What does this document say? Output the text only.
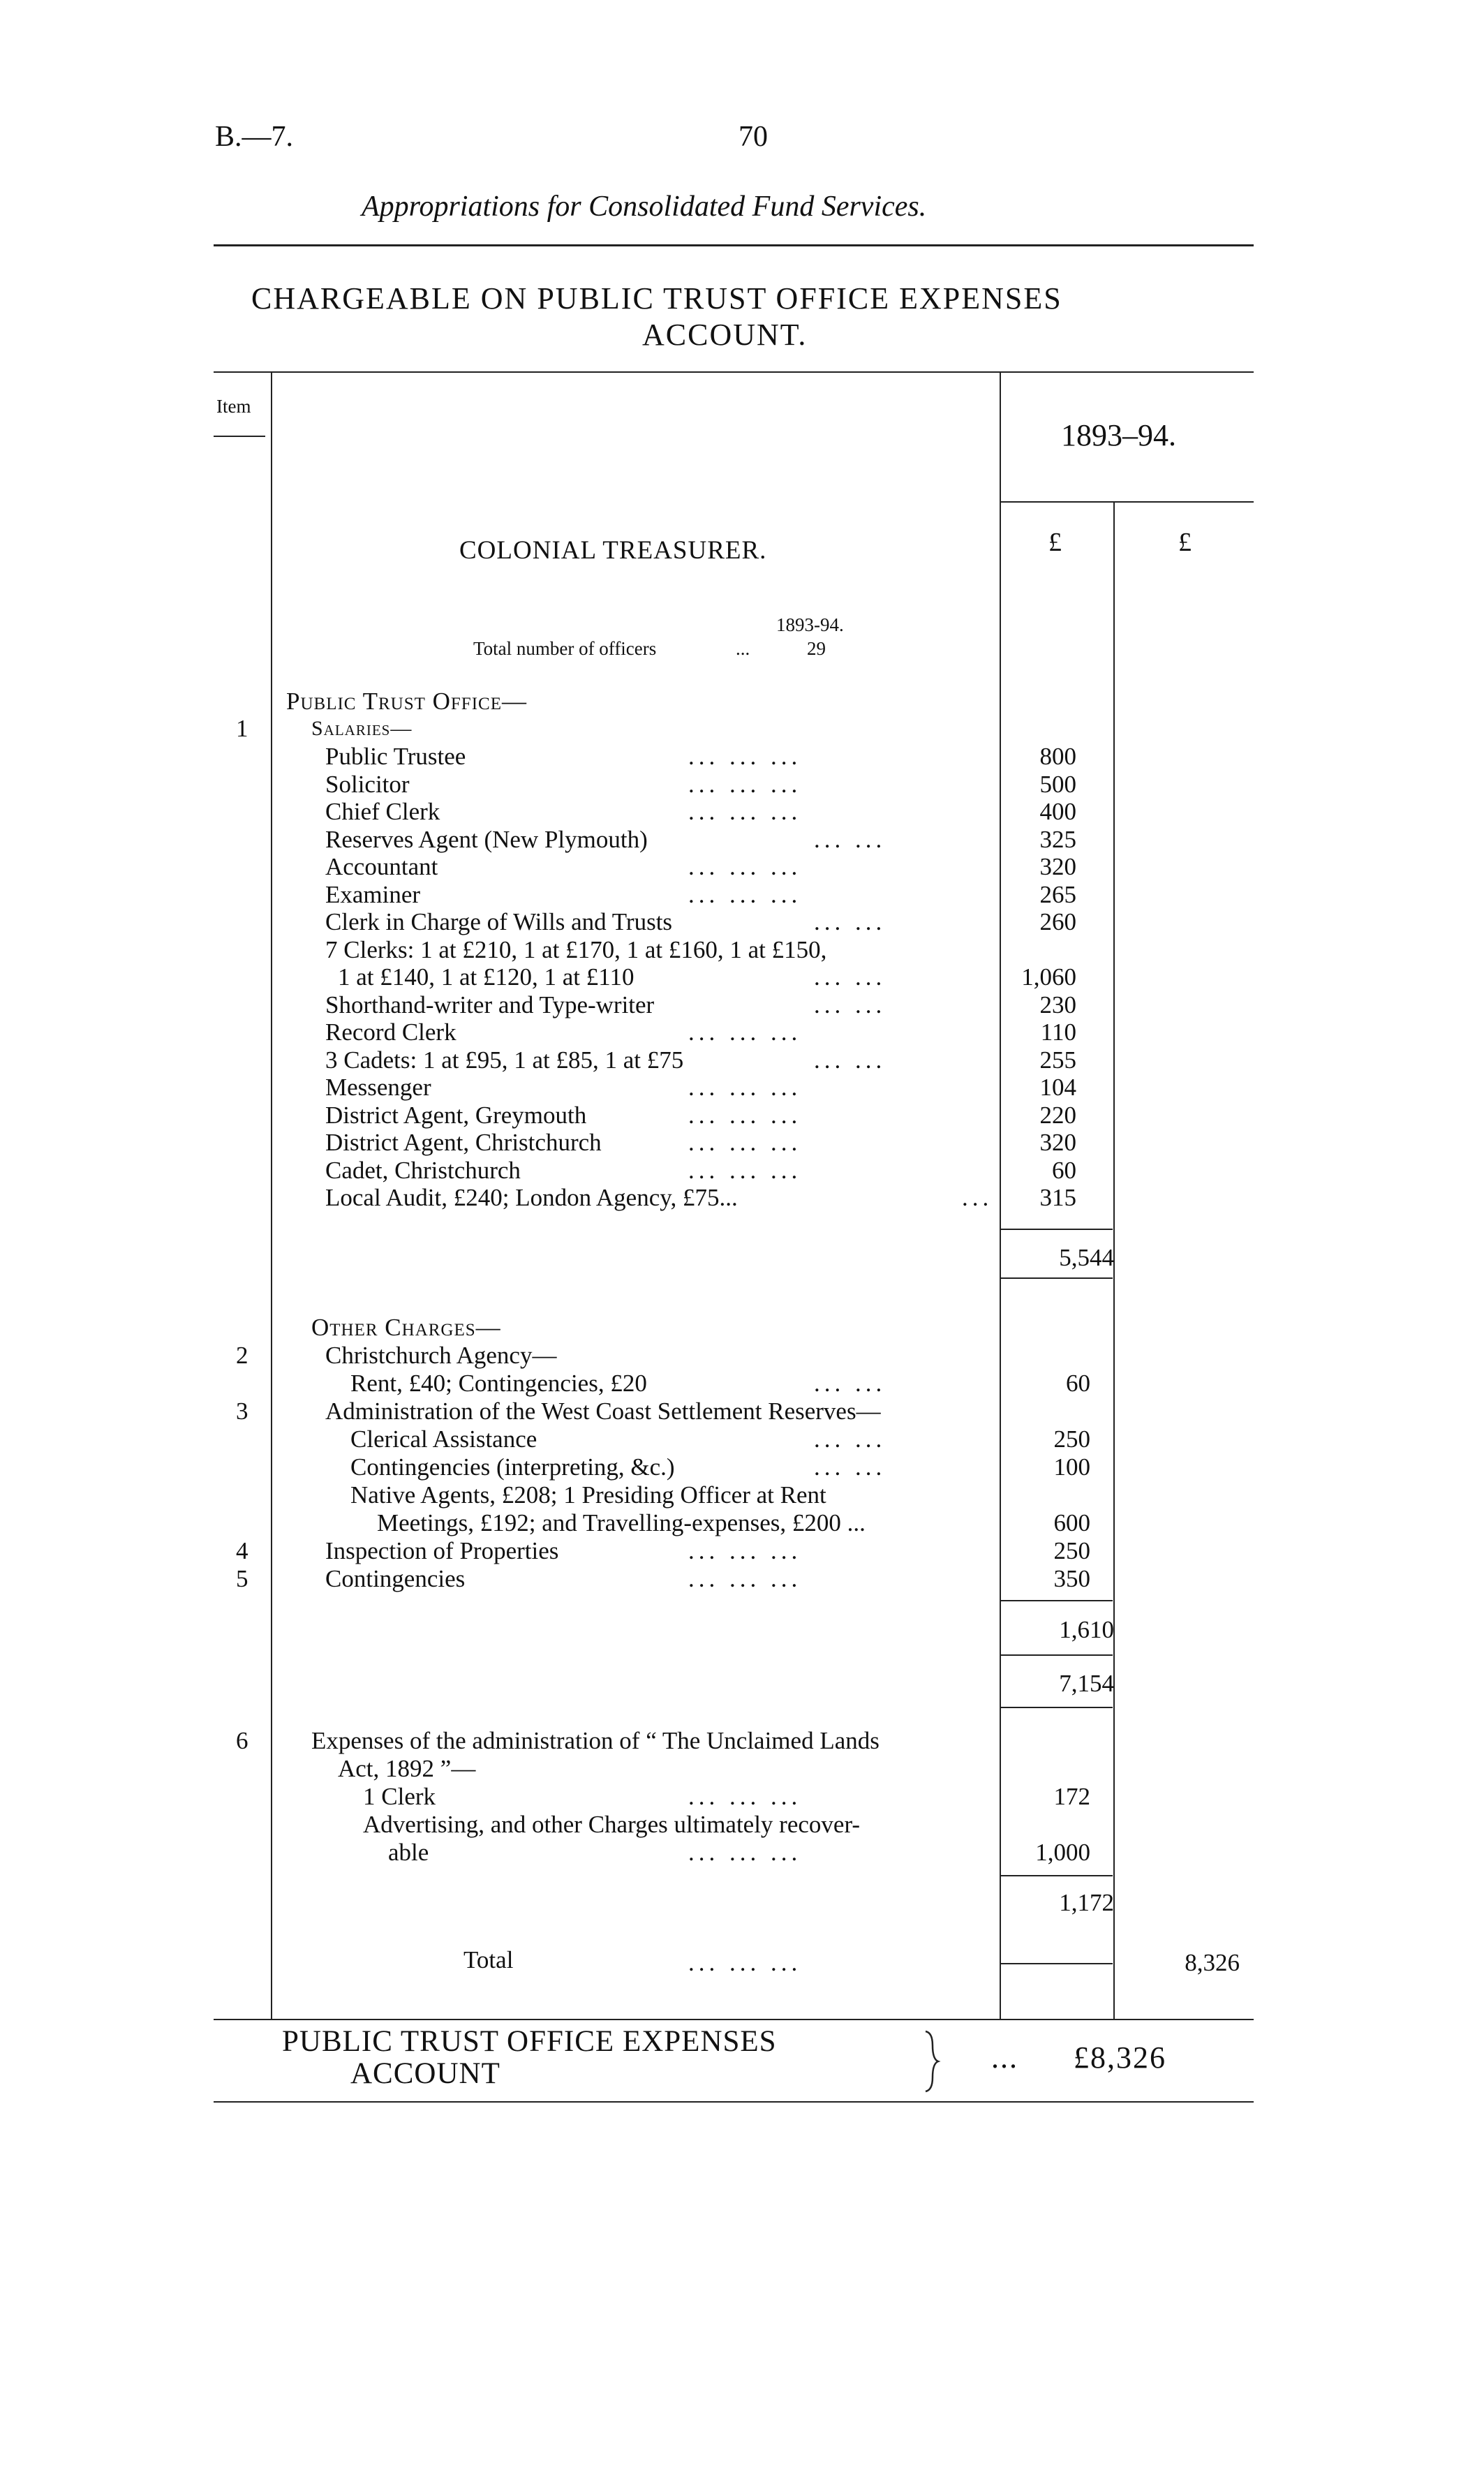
B.—7.	70
Appropriations for Consolidated Fund Services.
CHARGEABLE ON PUBLIC TRUST OFFICE EXPENSES
ACCOUNT.
Item
1893–94.
£	£
COLONIAL TREASURER.
1893-94.
Total number of officers	...	29
Public Trust Office—
1	Salaries—
Public Trustee	... ... ...	800
Solicitor	... ... ...	500
Chief Clerk	... ... ...	400
Reserves Agent (New Plymouth)	... ...	325
Accountant	... ... ...	320
Examiner	... ... ...	265
Clerk in Charge of Wills and Trusts	... ...	260
7 Clerks: 1 at £210, 1 at £170, 1 at £160, 1 at £150,
1 at £140, 1 at £120, 1 at £110	... ...	1,060
Shorthand-writer and Type-writer	... ...	230
Record Clerk	... ... ...	110
3 Cadets: 1 at £95, 1 at £85, 1 at £75	... ...	255
Messenger	... ... ...	104
District Agent, Greymouth	... ... ...	220
District Agent, Christchurch	... ... ...	320
Cadet, Christchurch	... ... ...	60
Local Audit, £240; London Agency, £75...	... 315
5,544
Other Charges—
2	Christchurch Agency—
Rent, £40; Contingencies, £20	... ...	60
3	Administration of the West Coast Settlement Reserves—
Clerical Assistance	... ...	250
Contingencies (interpreting, &c.)	... ...	100
Native Agents, £208; 1 Presiding Officer at Rent
Meetings, £192; and Travelling-expenses, £200 ...	600
4	Inspection of Properties	... ... ...	250
5	Contingencies	... ... ...	350
1,610
7,154
6	Expenses of the administration of “ The Unclaimed Lands
Act, 1892 ”—
1 Clerk	... ... ...	172
Advertising, and other Charges ultimately recover-
able	... ... ...	1,000
1,172
Total	... ... ...	8,326
PUBLIC TRUST OFFICE EXPENSES
ACCOUNT	... £8,326
